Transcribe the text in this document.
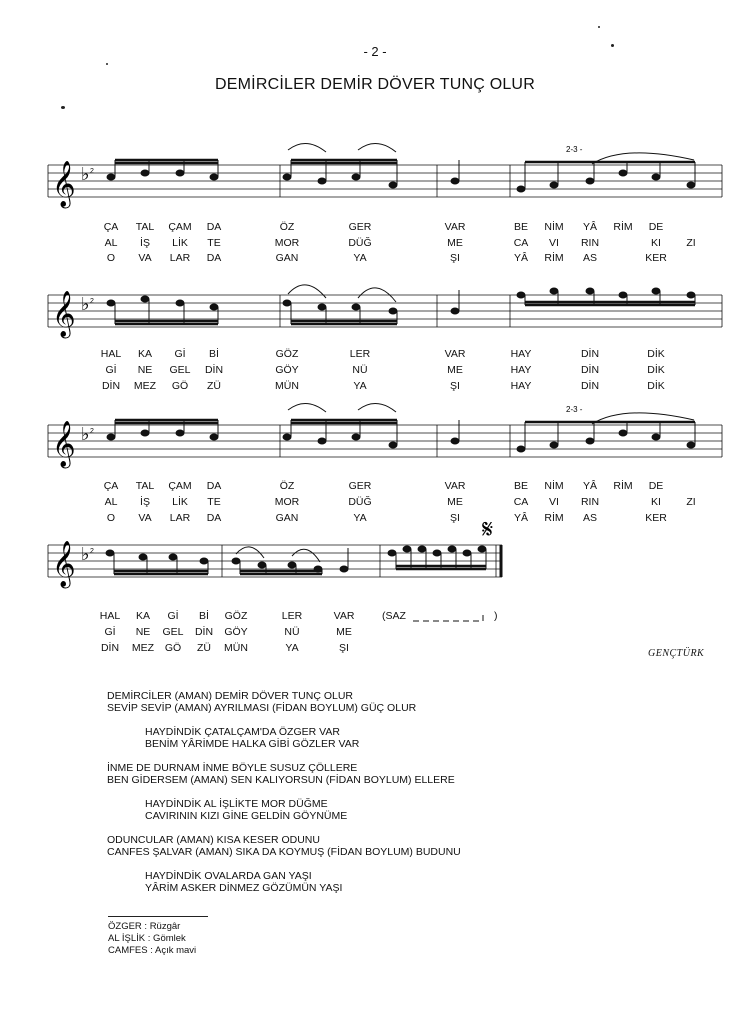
- 2 -
DEMİRCİLER DEMİR DÖVER TUNÇ OLUR
𝄞 ♭ 2
2-3 -
ÇA TAL ÇAM DA	ÖZ	GER	VAR	BE NİM YÂ RİM DE
AL İŞ LİK TE	MOR	DÜĞ	ME	CA VI RIN	KI ZI
O VA LAR DA	GAN	YA	ŞI	YÂ RİM AS	KER
𝄞 ♭ 2
HAL KA Gİ Bİ	GÖZ	LER	VAR	HAY	DİN	DİK
Gİ NE GEL DİN	GÖY	NÜ	ME	HAY	DİN	DİK
DİN MEZ GÖ ZÜ	MÜN	YA	ŞI	HAY	DİN	DİK
𝄞 ♭ 2
2-3 -
ÇA TAL ÇAM DA	ÖZ	GER	VAR	BE NİM YÂ RİM DE
AL İŞ LİK TE	MOR	DÜĞ	ME	CA VI RIN	KI ZI
O VA LAR DA	GAN	YA	ŞI	YÂ RİM AS	KER
𝄞 ♭ 2
𝄋
HAL KA Gİ Bİ GÖZ	LER	VAR
Gİ NE GEL DİN GÖY	NÜ	ME
DİN MEZ GÖ ZÜ MÜN	YA	ŞI
(SAZ	)
GENÇTÜRK
DEMİRCİLER (AMAN) DEMİR DÖVER TUNÇ OLUR
SEVİP SEVİP (AMAN) AYRILMASI (FİDAN BOYLUM) GÜÇ OLUR
HAYDİNDİK ÇATALÇAM'DA ÖZGER VAR
BENİM YÂRİMDE HALKA GİBİ GÖZLER VAR
İNME DE DURNAM İNME BÖYLE SUSUZ ÇÖLLERE
BEN GİDERSEM (AMAN) SEN KALIYORSUN (FİDAN BOYLUM) ELLERE
HAYDİNDİK AL İŞLİKTE MOR DÜĞME
CAVIRININ KIZI GİNE GELDİN GÖYNÜME
ODUNCULAR (AMAN) KISA KESER ODUNU
CANFES ŞALVAR (AMAN) SIKA DA KOYMUŞ (FİDAN BOYLUM) BUDUNU
HAYDİNDİK OVALARDA GAN YAŞI
YÂRİM ASKER DİNMEZ GÖZÜMÜN YAŞI
ÖZGER : Rüzgâr
AL İŞLİK : Gömlek
CAMFES : Açık mavi
